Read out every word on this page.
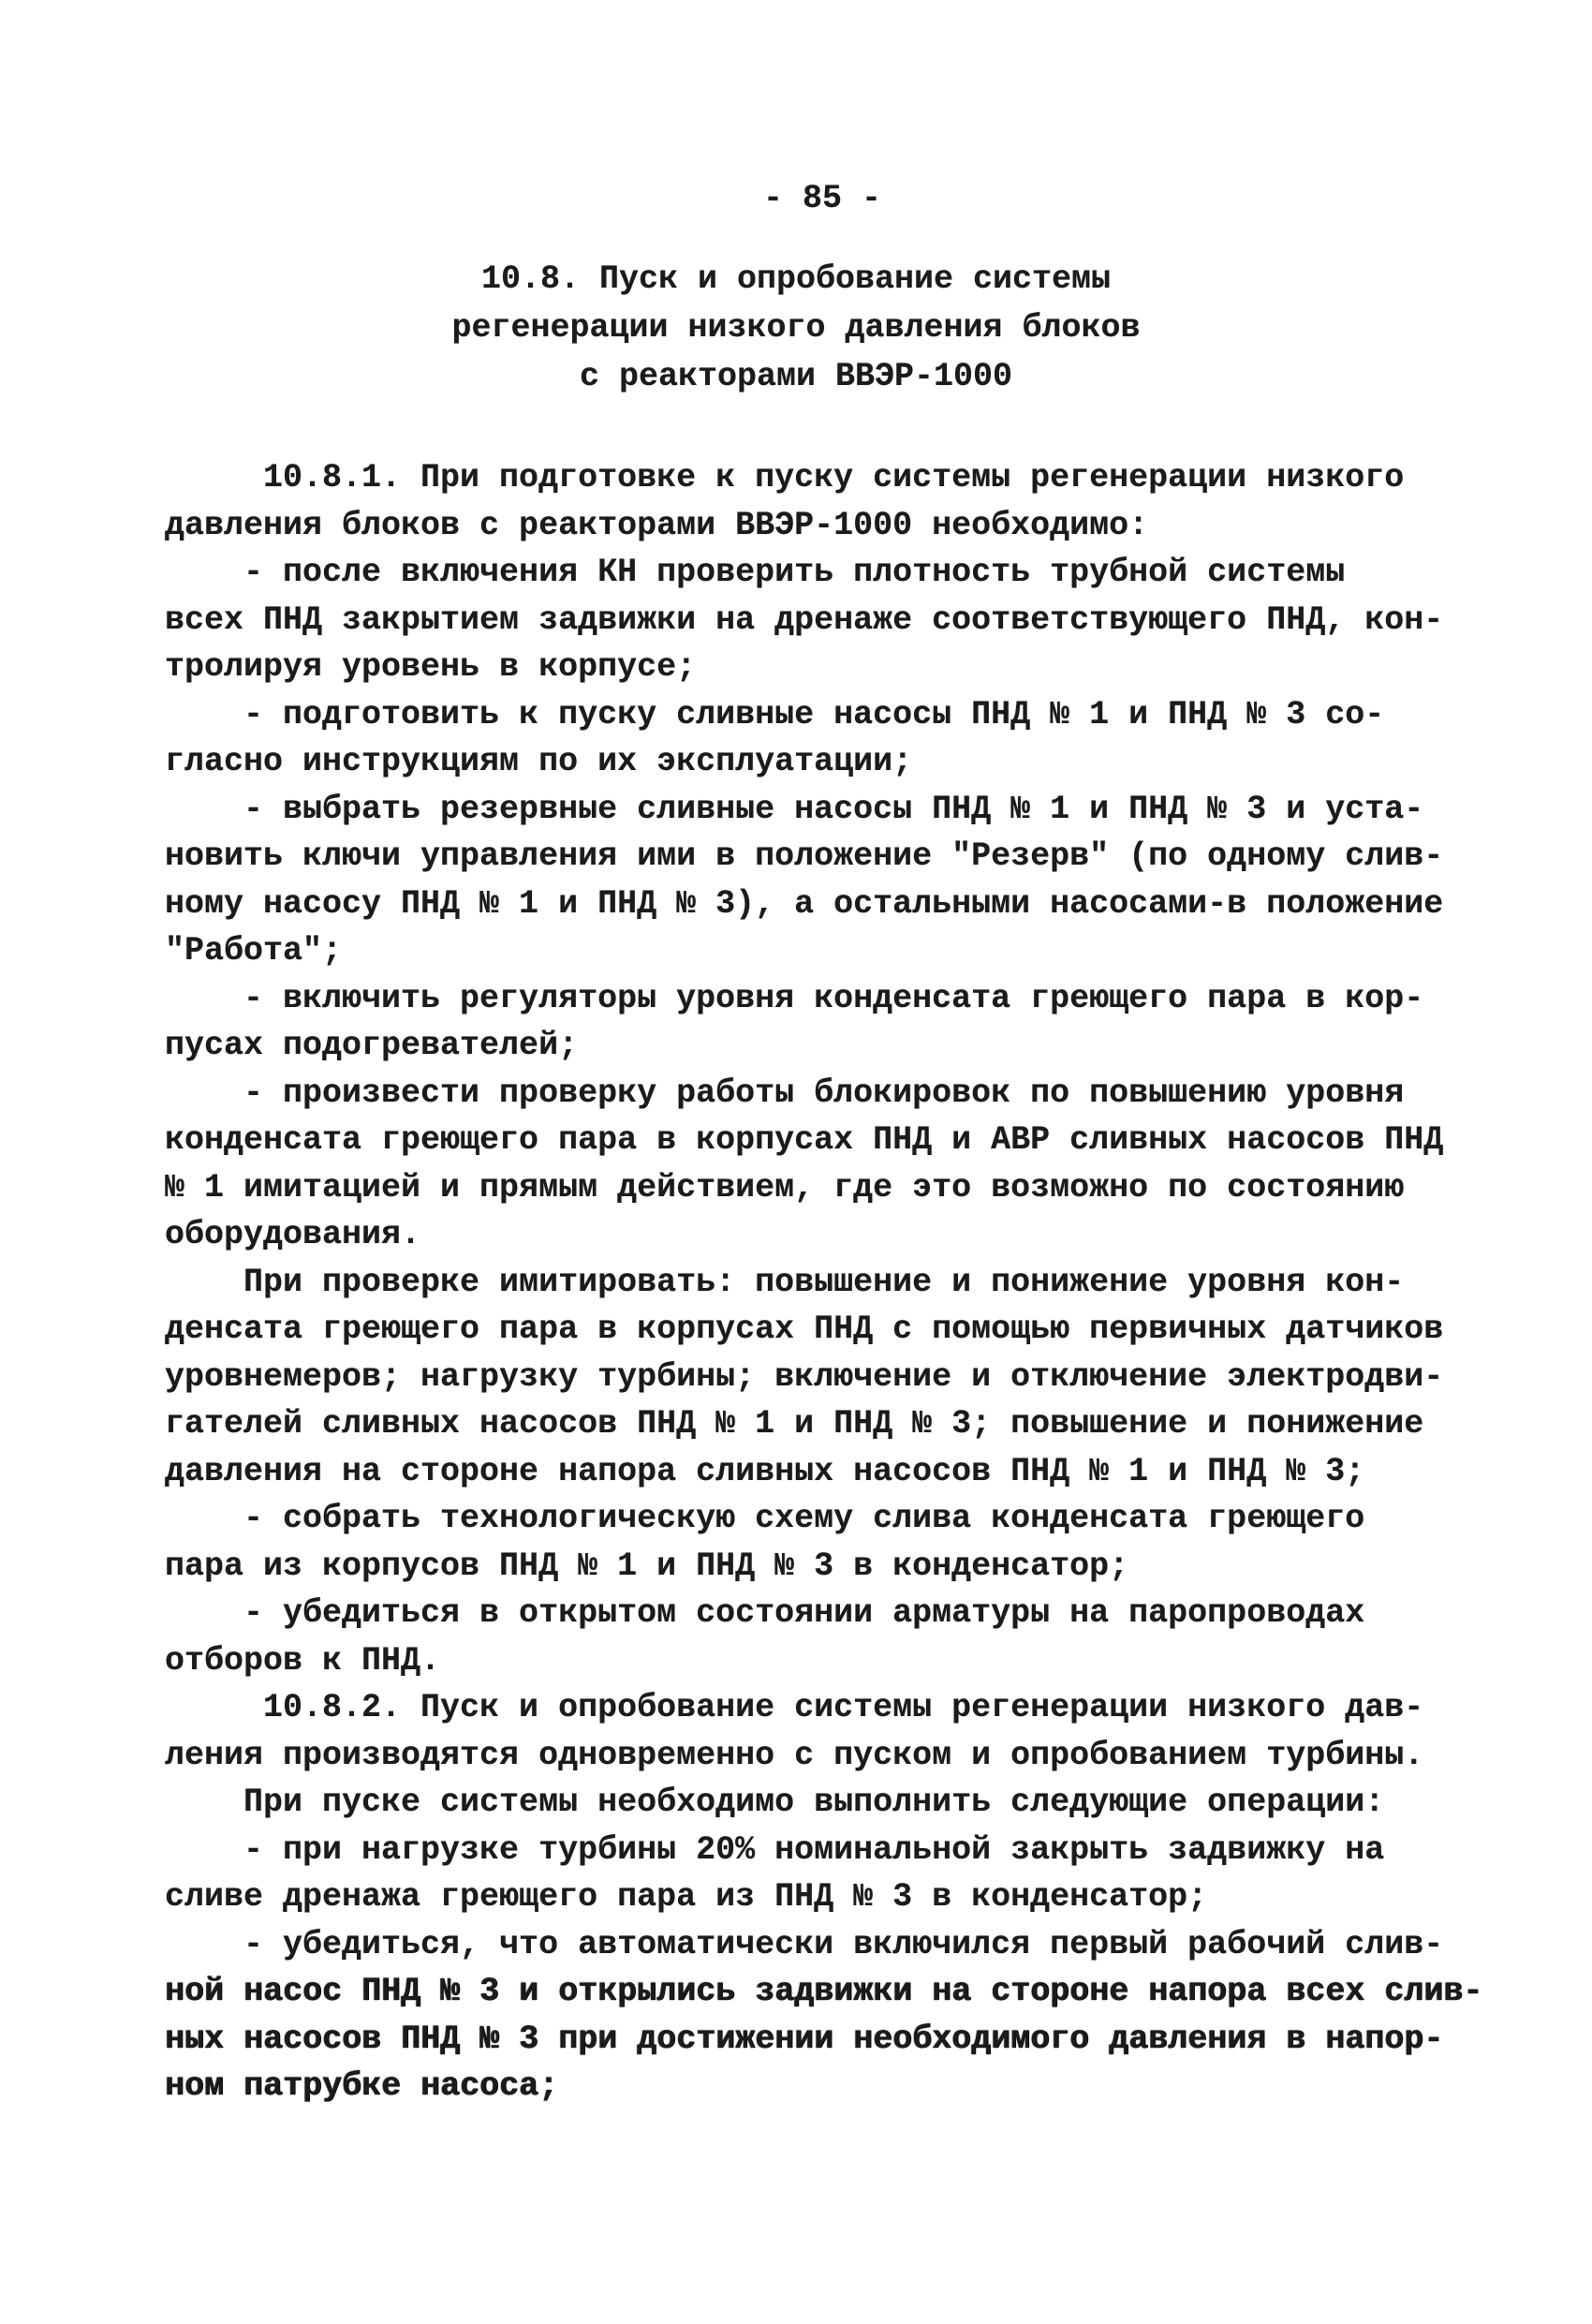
- 85 -
10.8. Пуск и опробование системы
регенерации низкого давления блоков
с реакторами ВВЭР-1000
10.8.1. При подготовке к пуску системы регенерации низкого
давления блоков с реакторами ВВЭР-1000 необходимо:
- после включения КН проверить плотность трубной системы
всех ПНД закрытием задвижки на дренаже соответствующего ПНД, кон-
тролируя уровень в корпусе;
- подготовить к пуску сливные насосы ПНД № 1 и ПНД № 3 со-
гласно инструкциям по их эксплуатации;
- выбрать резервные сливные насосы ПНД № 1 и ПНД № 3 и уста-
новить ключи управления ими в положение "Резерв" (по одному слив-
ному насосу ПНД № 1 и ПНД № 3), а остальными насосами-в положение
"Работа";
- включить регуляторы уровня конденсата греющего пара в кор-
пусах подогревателей;
- произвести проверку работы блокировок по повышению уровня
конденсата греющего пара в корпусах ПНД и АВР сливных насосов ПНД
№ 1 имитацией и прямым действием, где это возможно по состоянию
оборудования.
При проверке имитировать: повышение и понижение уровня кон-
денсата греющего пара в корпусах ПНД с помощью первичных датчиков
уровнемеров; нагрузку турбины; включение и отключение электродви-
гателей сливных насосов ПНД № 1 и ПНД № 3; повышение и понижение
давления на стороне напора сливных насосов ПНД № 1 и ПНД № 3;
- собрать технологическую схему слива конденсата греющего
пара из корпусов ПНД № 1 и ПНД № 3 в конденсатор;
- убедиться в открытом состоянии арматуры на паропроводах
отборов к ПНД.
10.8.2. Пуск и опробование системы регенерации низкого дав-
ления производятся одновременно с пуском и опробованием турбины.
При пуске системы необходимо выполнить следующие операции:
- при нагрузке турбины 20% номинальной закрыть задвижку на
сливе дренажа греющего пара из ПНД № 3 в конденсатор;
- убедиться, что автоматически включился первый рабочий слив-
ной насос ПНД № 3 и открылись задвижки на стороне напора всех слив-
ных насосов ПНД № 3 при достижении необходимого давления в напор-
ном патрубке насоса;
